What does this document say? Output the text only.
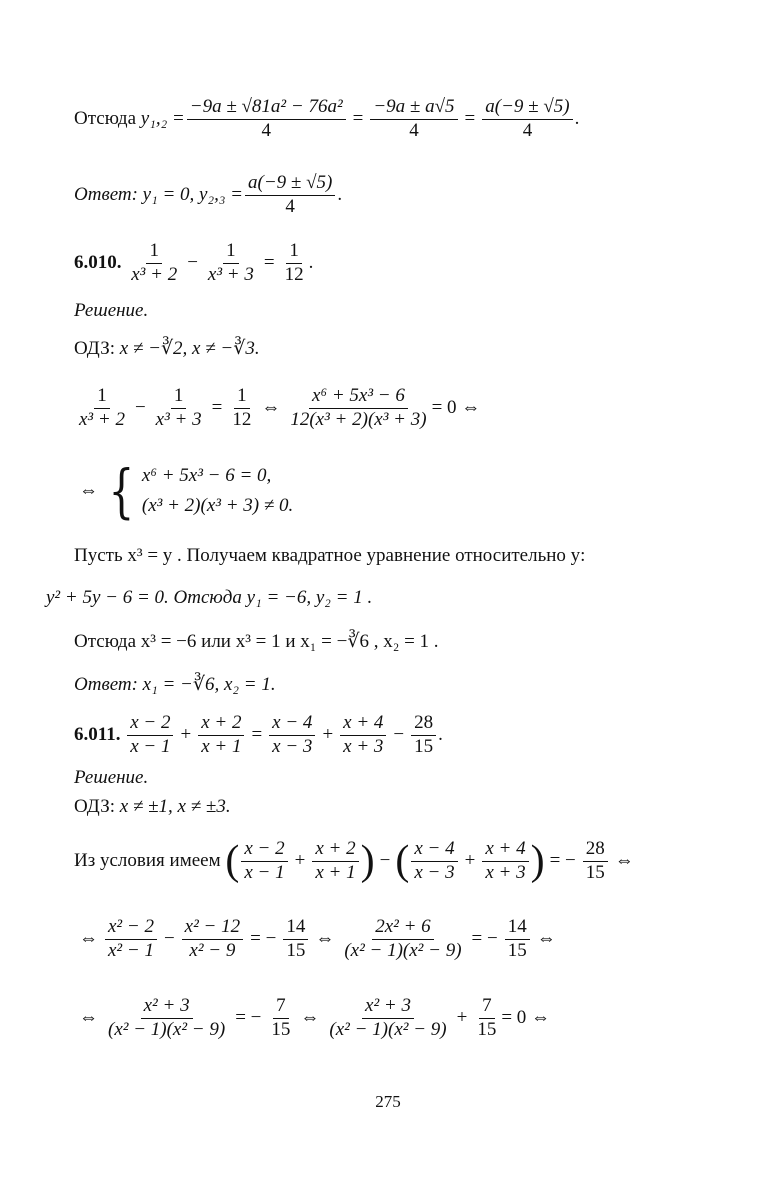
Отсюда
$y_1,_2 = \frac{\text{−9a ± √81a² − 76a²}}{4} = \frac{-9a \pm a√5}{4} = \frac{a(-9 \pm √5)}{4}$ .
Ответ:
y₁ = 0, $y_2,_3 = \frac{a(-9 \pm √5)}{4}$ .
6.010.
$\frac{1}{\text{x³ + 2}} - \frac{1}{\text{x³ + 3}} = \frac{1}{12}$ .
Решение.
ОДЗ:
x ≠ −∛2, x ≠ −∛3.
$\frac{1}{\text{x³ + 2}} - \frac{1}{\text{x³ + 3}} = \frac{1}{12}$ ⇔ $\frac{\text{x⁶ + 5x³ − 6}}{\text{12(x³ + 2)(x³ + 3)}} = 0$ ⇔
⇔ { x⁶ + 5x³ − 6 = 0,
(x³ + 2)(x³ + 3) ≠ 0.
Пусть x³ = y . Получаем квадратное уравнение относительно y:
y² + 5y − 6 = 0. Отсюда y₁ = −6, y₂ = 1 .
Отсюда x³ = −6 или x³ = 1 и x₁ = −∛6 , x₂ = 1 .
Ответ:
x₁ = −∛6, x₂ = 1.
6.011.
$\frac{x - 2}{x - 1} + \frac{x + 2}{x + 1} = \frac{x - 4}{x - 3} + \frac{x + 4}{x + 3} - \frac{28}{15}$ .
Решение.
ОДЗ:
x ≠ ±1, x ≠ ±3.
Из условия имеем
( $\frac{x - 2}{x - 1} + \frac{x + 2}{x + 1}$ ) − ( $\frac{x - 4}{x - 3} + \frac{x + 4}{x + 3}$ ) = − $\frac{28}{15}$ ⇔
⇔ $\frac{\text{x² − 2}}{\text{x² − 1}} - \frac{\text{x² − 12}}{\text{x² − 9}}$ = − $\frac{14}{15}$ ⇔ $\frac{\text{2x² + 6}}{\text{(x² − 1)(x² − 9)}}$ = − $\frac{14}{15}$ ⇔
⇔ $\frac{\text{x² + 3}}{\text{(x² − 1)(x² − 9)}}$ = − $\frac{7}{15}$ ⇔ $\frac{\text{x² + 3}}{\text{(x² − 1)(x² − 9)}} + \frac{7}{15} = 0$ ⇔
275
